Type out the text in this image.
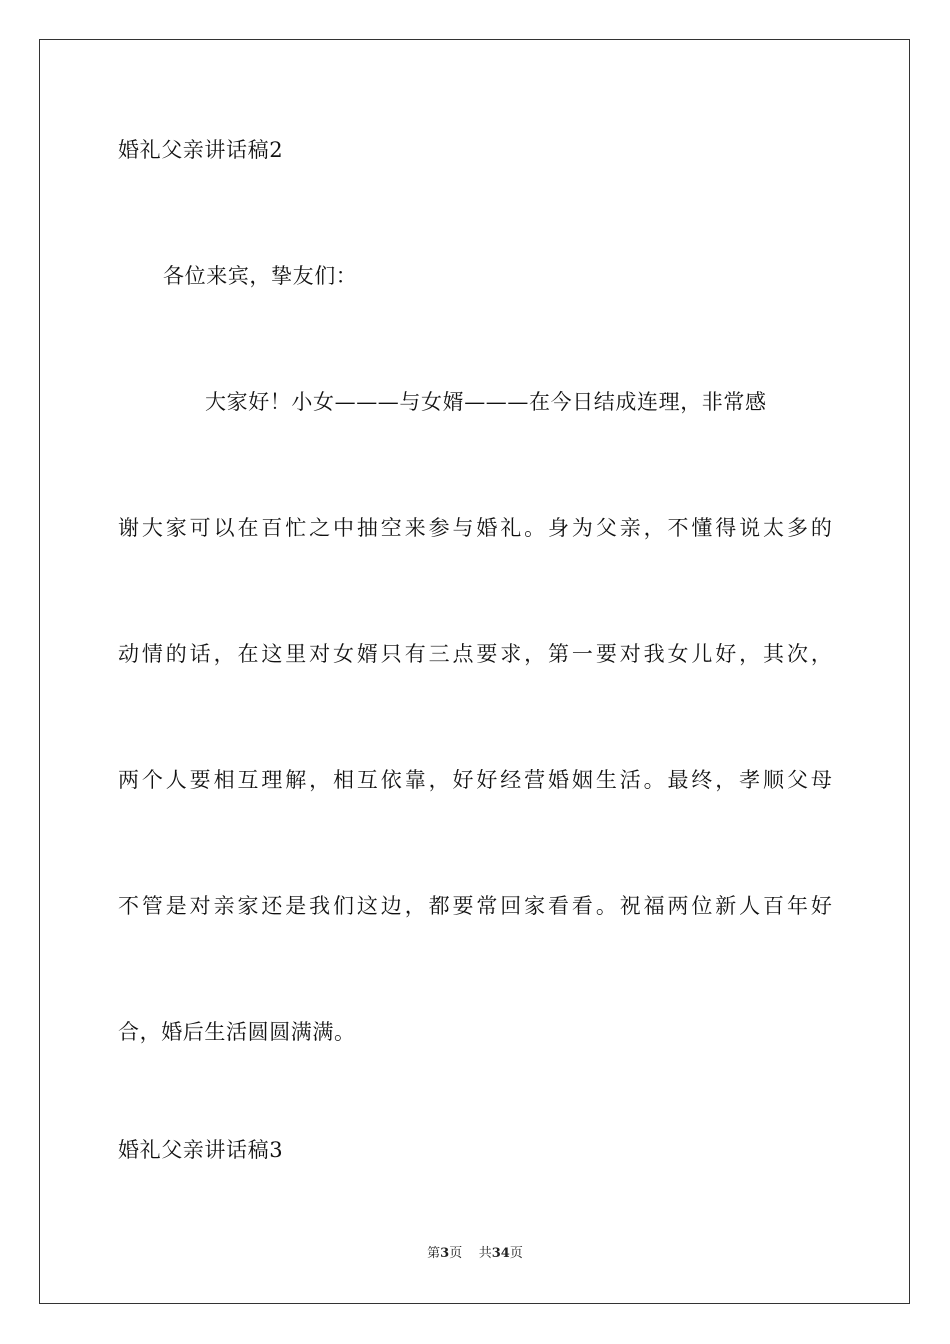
婚礼父亲讲话稿2
各位来宾，挚友们：
大家好！小女———与女婿———在今日结成连理，非常感
谢 大 家 可 以 在 百 忙 之 中 抽 空 来 参 与 婚 礼 。 身 为 父 亲 ， 不 懂 得 说 太 多 的
动 情 的 话 ， 在 这 里 对 女 婿 只 有 三 点 要 求 ， 第 一 要 对 我 女 儿 好 ， 其 次 ，
两 个 人 要 相 互 理 解 ， 相 互 依 靠 ， 好 好 经 营 婚 姻 生 活 。 最 终 ， 孝 顺 父 母
不 管 是 对 亲 家 还 是 我 们 这 边 ， 都 要 常 回 家 看 看 。 祝 福 两 位 新 人 百 年 好
合，婚后生活圆圆满满。
婚礼父亲讲话稿3
第3页 共34页
